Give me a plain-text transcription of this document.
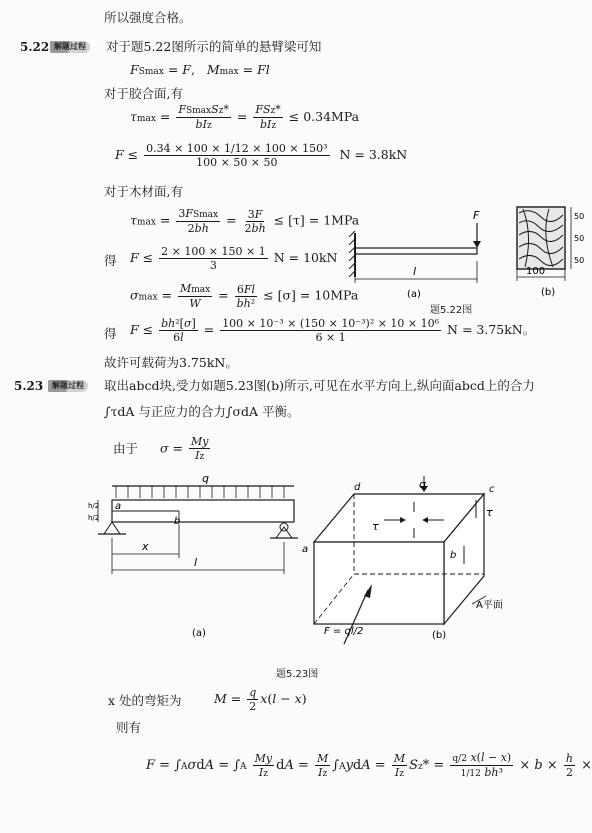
所以强度合格。
5.22 解题过程	对于题5.22图所示的简单的悬臂梁可知
FSmax = F,   Mmax = Fl
对于胶合面,有
$\tau\max = \frac{\text{FSmaxSz*}}{\text{bIz}} = \frac{\text{FSz*}}{\text{bIz}} \le 0.34MPa$
$F \le \frac{\text{0.34 × 100 × 1/12 × 100 × 150³}}{100 \times 50 \times 50}$ N = 3.8kN
对于木材面,有
$\tau\max = \frac{3FSmax}{2bh} = \frac{3F}{2bh} \le [\tau] = 1MPa$
得 $F \le \frac{2 \times 100 \times 150 \times 1}{3}$ N = 10kN
$\sigma\max = \frac{Mmax}{W} = \frac{6Fl}{\text{bh²}} \le [\sigma] = 10MPa$
得 $F \le \frac{\text{bh²[σ]}}{6l} = \frac{\text{100 × 10⁻³ × (150 × 10⁻³)² × 10 × 10⁶}}{6 \times 1}$ N = 3.75kN。
故许可载荷为3.75kN。
F
l
(a)
100
50
50
50
(b)
题5.22图
5.23	解题过程	取出abcd块,受力如题5.23图(b)所示,可见在水平方向上,纵向面abcd上的合力
∫τdA 与正应力的合力∫σdA 平衡。
由于 $\sigma = \frac{My}{Iz}$
q
h/2
h/2
a
b
x
l
(a)
d	σ	c
τ
τ
a
b
A平面
F = ql/2	(b)
题5.23图
x 处的弯矩为	$M = \frac{q}{2} x(l - x)$
则有
$F = \int A\sigma dA = \int A \frac{My}{Iz}$ dA = $\frac{M}{Iz}$ ∫AydA = $\frac{M}{Iz} Sz* = \frac{q/2 x(l - x)}{\text{1/12 bh³}} \times b \times \frac{h}{2}$ ×
